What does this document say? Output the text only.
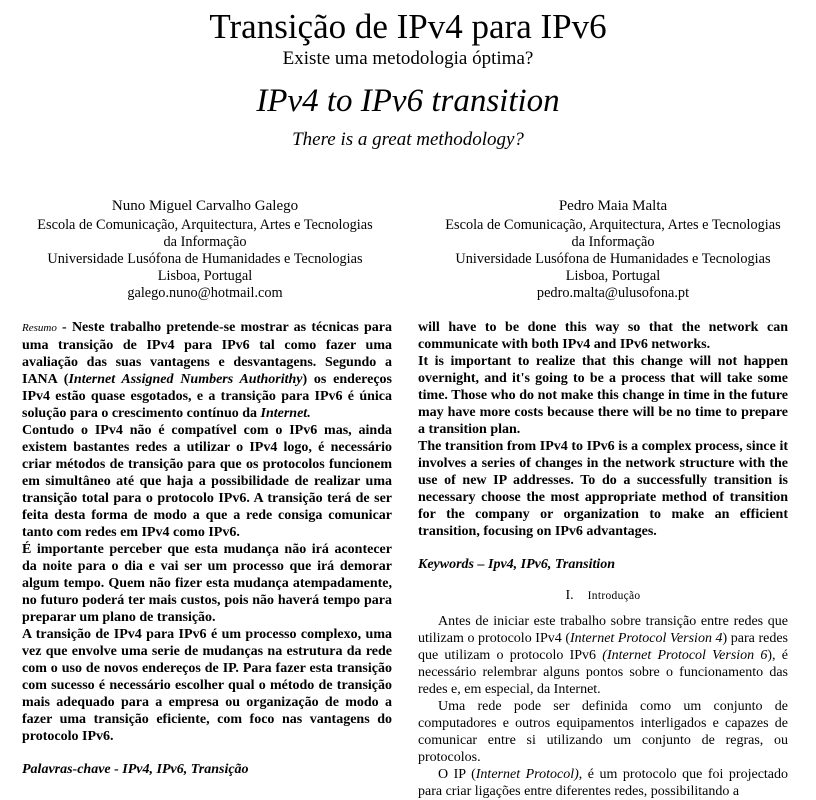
Transição de IPv4 para IPv6
Existe uma metodologia óptima?
IPv4 to IPv6 transition
There is a great methodology?
Nuno Miguel Carvalho Galego
Escola de Comunicação, Arquitectura, Artes e Tecnologias
da Informação
Universidade Lusófona de Humanidades e Tecnologias
Lisboa, Portugal
galego.nuno@hotmail.com
Pedro Maia Malta
Escola de Comunicação, Arquitectura, Artes e Tecnologias
da Informação
Universidade Lusófona de Humanidades e Tecnologias
Lisboa, Portugal
pedro.malta@ulusofona.pt

Resumo - Neste trabalho pretende-se mostrar as técnicas para uma transição de IPv4 para IPv6 tal como fazer uma avaliação das suas vantagens e desvantagens. Segundo a IANA (Internet Assigned Numbers Authorithy) os endereços IPv4 estão quase esgotados, e a transição para IPv6 é única solução para o crescimento contínuo da Internet.

Contudo o IPv4 não é compatível com o IPv6 mas, ainda existem bastantes redes a utilizar o IPv4 logo, é necessário criar métodos de transição para que os protocolos funcionem em simultâneo até que haja a possibilidade de realizar uma transição total para o protocolo IPv6. A transição terá de ser feita desta forma de modo a que a rede consiga comunicar tanto com redes em IPv4 como IPv6.

É importante perceber que esta mudança não irá acontecer da noite para o dia e vai ser um processo que irá demorar algum tempo. Quem não fizer esta mudança atempadamente, no futuro poderá ter mais custos, pois não haverá tempo para preparar um plano de transição.

A transição de IPv4 para IPv6 é um processo complexo, uma vez que envolve uma serie de mudanças na estrutura da rede com o uso de novos endereços de IP. Para fazer esta transição com sucesso é necessário escolher qual o método de transição mais adequado para a empresa ou organização de modo a fazer uma transição eficiente, com foco nas vantagens do protocolo IPv6.

Palavras-chave - IPv4, IPv6, Transição

will have to be done this way so that the network can communicate with both IPv4 and IPv6 networks.

It is important to realize that this change will not happen overnight, and it's going to be a process that will take some time. Those who do not make this change in time in the future may have more costs because there will be no time to prepare a transition plan.

The transition from IPv4 to IPv6 is a complex process, since it involves a series of changes in the network structure with the use of new IP addresses. To do a successfully transition is necessary choose the most appropriate method of transition for the company or organization to make an efficient transition, focusing on IPv6 advantages.

Keywords – Ipv4, IPv6, Transition
I. Introdução

Antes de iniciar este trabalho sobre transição entre redes que utilizam o protocolo IPv4 (Internet Protocol Version 4) para redes que utilizam o protocolo IPv6 (Internet Protocol Version 6), é necessário relembrar alguns pontos sobre o funcionamento das redes e, em especial, da Internet.

Uma rede pode ser definida como um conjunto de computadores e outros equipamentos interligados e capazes de comunicar entre si utilizando um conjunto de regras, ou protocolos.

O IP (Internet Protocol), é um protocolo que foi projectado para criar ligações entre diferentes redes, possibilitando a
